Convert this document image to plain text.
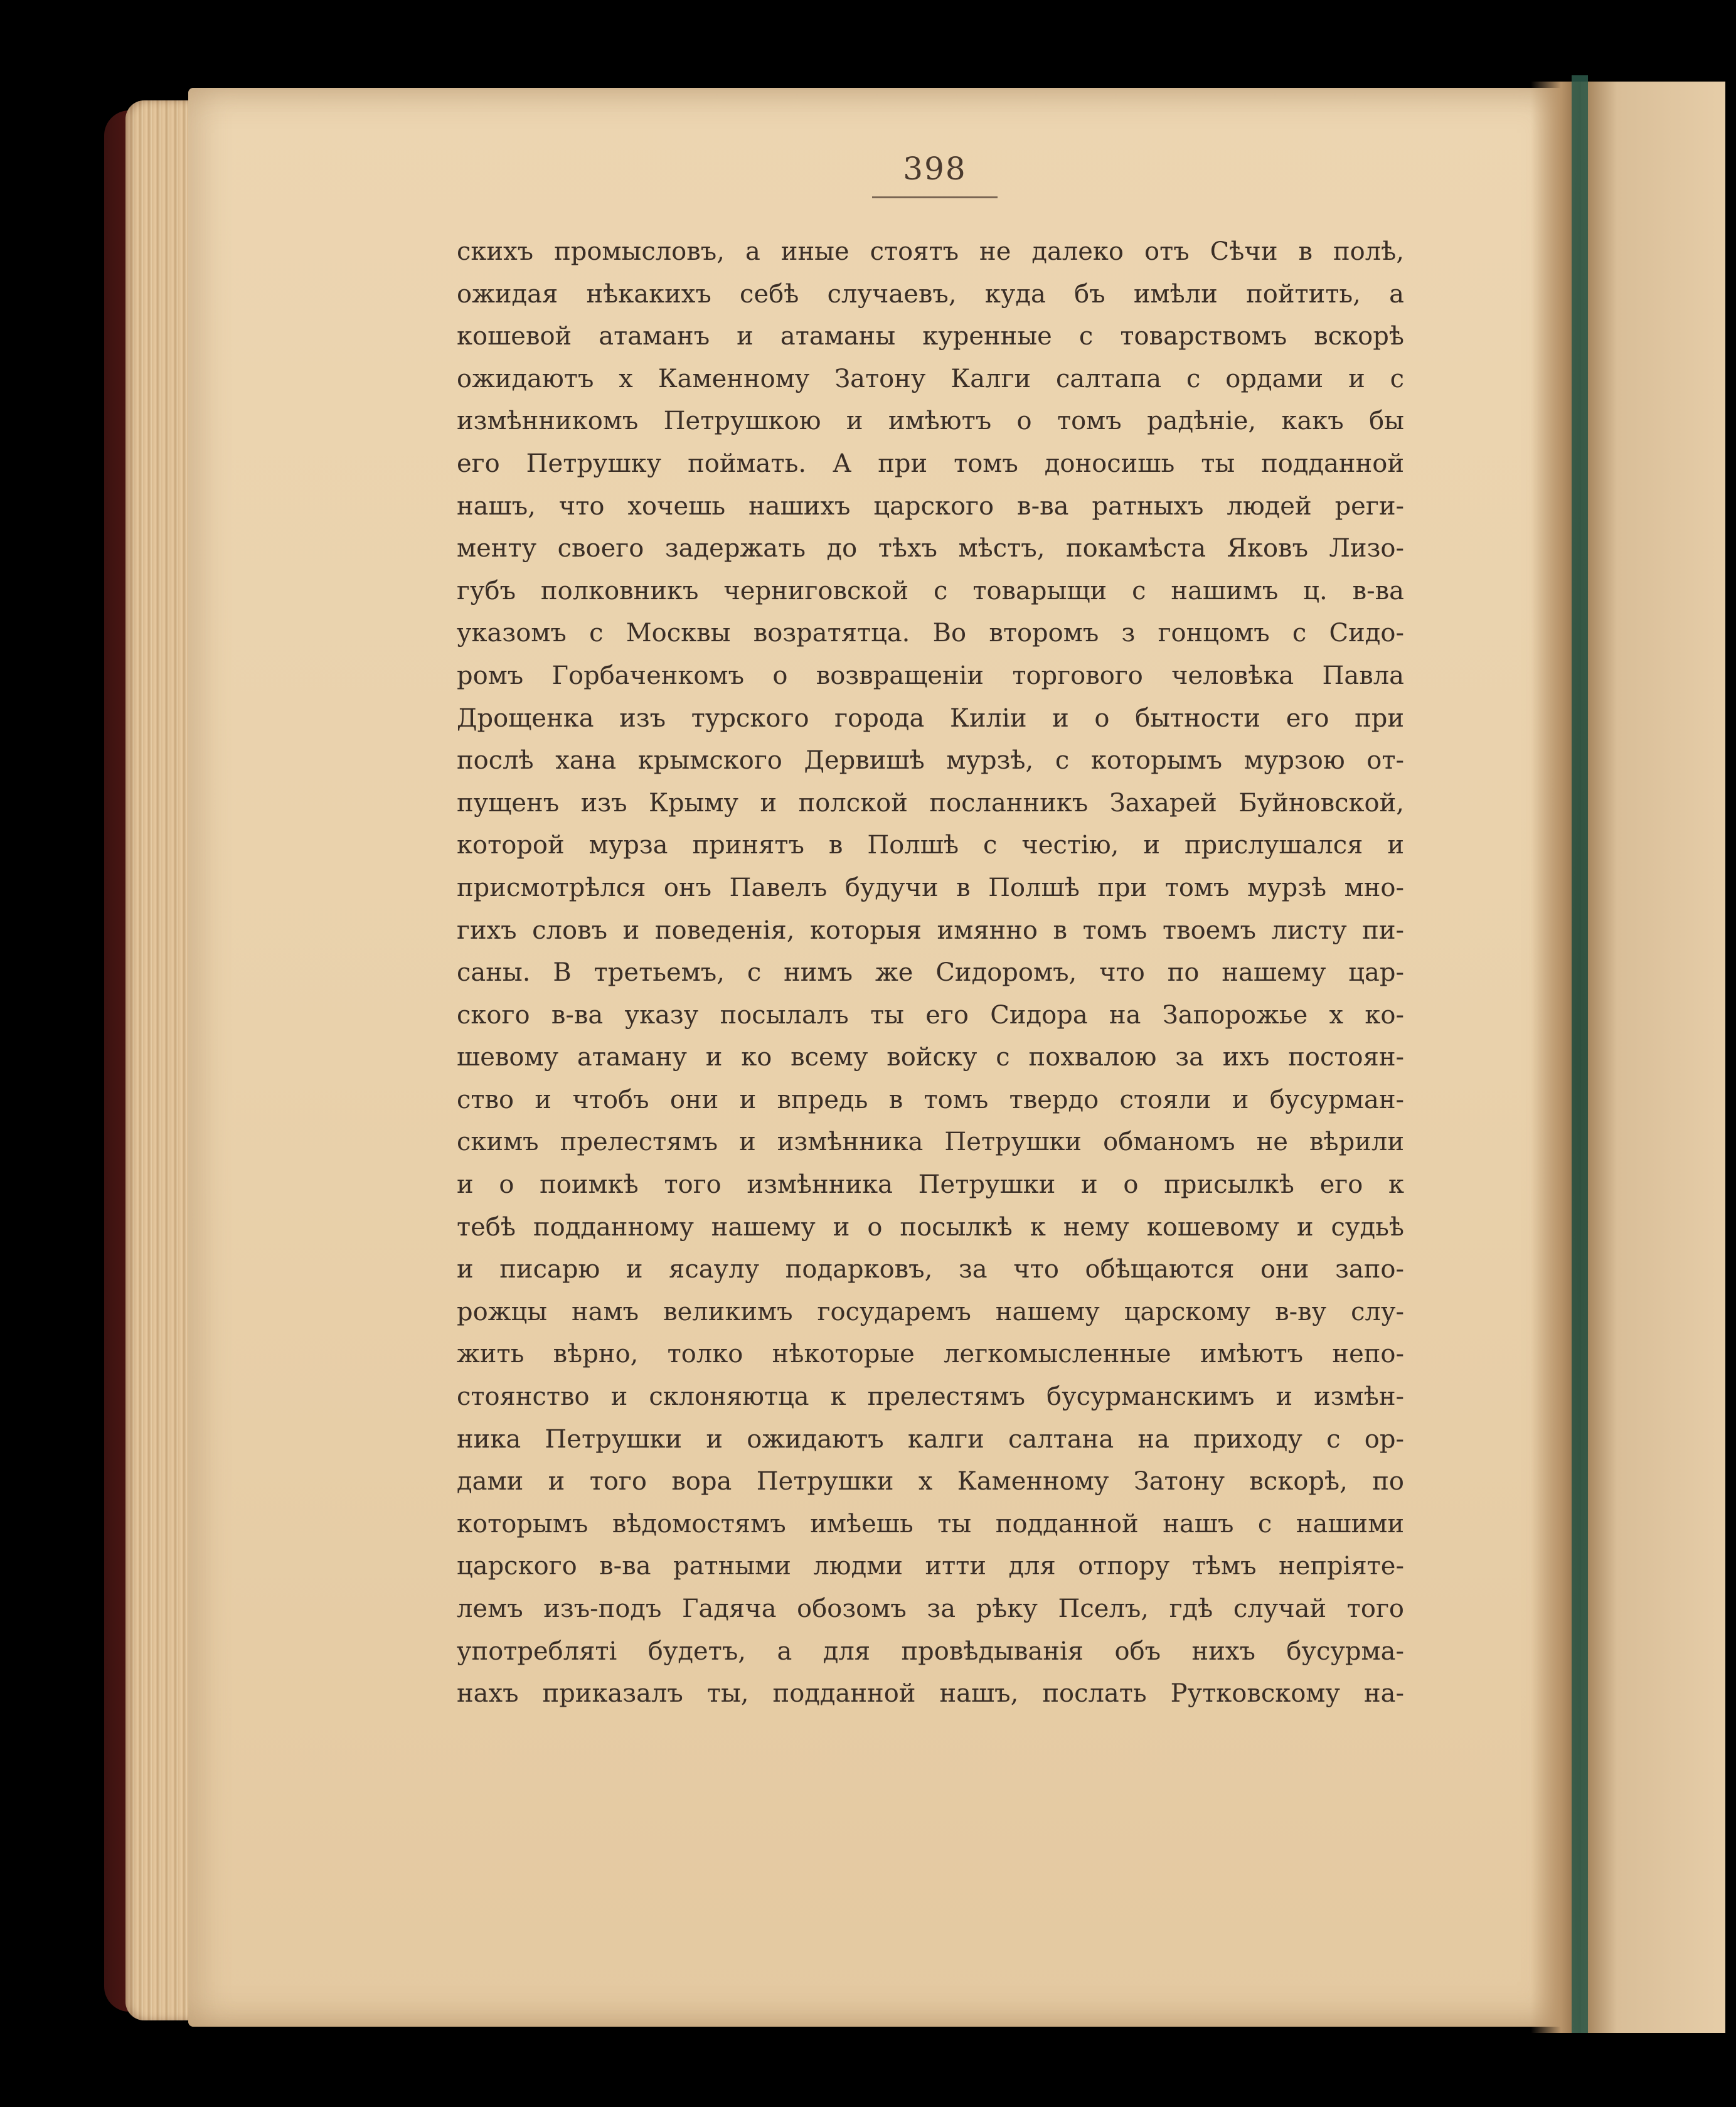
398
скихъ промысловъ, а иные стоятъ не далеко отъ Сѣчи в полѣ,
ожидая нѣкакихъ себѣ случаевъ, куда бъ имѣли пойтить, а
кошевой атаманъ и атаманы куренные с товарствомъ вскорѣ
ожидаютъ х Каменному Затону Калги салтапа с ордами и с
измѣнникомъ Петрушкою и имѣютъ о томъ радѣніе, какъ бы
его Петрушку поймать. А при томъ доносишь ты подданной
нашъ, что хочешь нашихъ царского в-ва ратныхъ людей реги-
менту своего задержать до тѣхъ мѣстъ, покамѣста Яковъ Лизо-
губъ полковникъ черниговской с товарыщи с нашимъ ц. в-ва
указомъ с Москвы возратятца. Во второмъ з гонцомъ с Сидо-
ромъ Горбаченкомъ о возвращеніи торгового человѣка Павла
Дрощенка изъ турского города Килiи и о бытности его при
послѣ хана крымского Дервишѣ мурзѣ, с которымъ мурзою от-
пущенъ изъ Крыму и полской посланникъ Захарей Буйновской,
которой мурза принятъ в Полшѣ с честію, и прислушался и
присмотрѣлся онъ Павелъ будучи в Полшѣ при томъ мурзѣ мно-
гихъ словъ и поведенія, которыя имянно в томъ твоемъ листу пи-
саны. В третьемъ, с нимъ же Сидоромъ, что по нашему цар-
ского в-ва указу посылалъ ты его Сидора на Запорожье х ко-
шевому атаману и ко всему войску с похвалою за ихъ постоян-
ство и чтобъ они и впредь в томъ твердо стояли и бусурман-
скимъ прелестямъ и измѣнника Петрушки обманомъ не вѣрили
и о поимкѣ того измѣнника Петрушки и о присылкѣ его к
тебѣ подданному нашему и о посылкѣ к нему кошевому и судьѣ
и писарю и ясаулу подарковъ, за что обѣщаются они запо-
рожцы намъ великимъ государемъ нашему царскому в-ву слу-
жить вѣрно, толко нѣкоторые легкомысленные имѣютъ непо-
стоянство и склоняютца к прелестямъ бусурманскимъ и измѣн-
ника Петрушки и ожидаютъ калги салтана на приходу с ор-
дами и того вора Петрушки х Каменному Затону вскорѣ, по
которымъ вѣдомостямъ имѣешь ты подданной нашъ с нашими
царского в-ва ратными людми итти для отпору тѣмъ непріяте-
лемъ изъ-подъ Гадяча обозомъ за рѣку Пселъ, гдѣ случай того
употреблятi будетъ, а для провѣдыванiя объ нихъ бусурма-
нахъ приказалъ ты, подданной нашъ, послать Рутковскому на-
